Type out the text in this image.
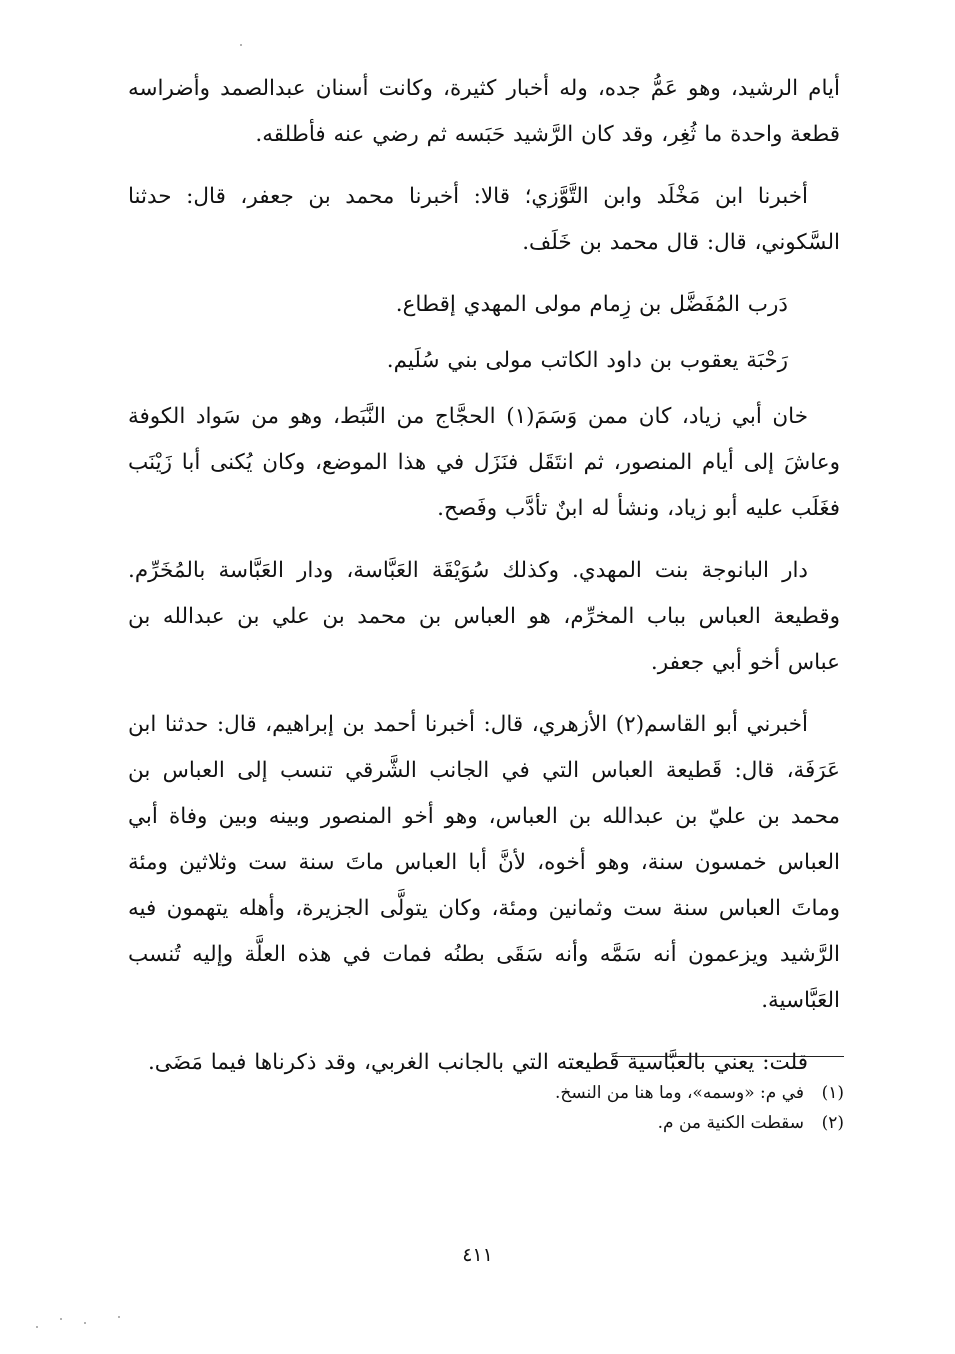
أيام الرشيد، وهو عَمُّ جده، وله أخبار كثيرة، وكانت أسنان عبدالصمد وأضراسه قطعة واحدة ما ثُغِر، وقد كان الرَّشيد حَبَسه ثم رضي عنه فأطلقه.

أخبرنا ابن مَخْلَد وابن التَّوَّزي؛ قالا: أخبرنا محمد بن جعفر، قال: حدثنا السَّكوني، قال: قال محمد بن خَلَف.

دَرب المُفَضَّل بن زِمام مولى المهدي إقطاع.

رَحْبَة يعقوب بن داود الكاتب مولى بني سُلَيم.

خان أبي زياد، كان ممن وَسَمَ(١) الحجَّاج من النَّبَط، وهو من سَواد الكوفة وعاشَ إلى أيام المنصور، ثم انتَقَل فنَزَل في هذا الموضع، وكان يُكنى أبا زَيْنَب فغَلَب عليه أبو زياد، ونشأ له ابنٌ تأدَّب وفَصح.

دار البانوجة بنت المهدي. وكذلك سُوَيْقَة العَبَّاسة، ودار العَبَّاسة بالمُخَرِّم. وقطيعة العباس بباب المخرِّم، هو العباس بن محمد بن علي بن عبدالله بن عباس أخو أبي جعفر.

أخبرني أبو القاسم(٢) الأزهري، قال: أخبرنا أحمد بن إبراهيم، قال: حدثنا ابن عَرَفَة، قال: قَطيعة العباس التي في الجانب الشَّرقي تنسب إلى العباس بن محمد بن عليّ بن عبدالله بن العباس، وهو أخو المنصور وبينه وبين وفاة أبي العباس خمسون سنة، وهو أخوه، لأنَّ أبا العباس ماتَ سنة ست وثلاثين ومئة وماتَ العباس سنة ست وثمانين ومئة، وكان يتولَّى الجزيرة، وأهله يتهمون فيه الرَّشيد ويزعمون أنه سَمَّه وأنه سَقَى بطنُه فمات في هذه العلَّة وإليه تُنسب العَبَّاسية.

قلت: يعني بالعبَّاسية قَطيعته التي بالجانب الغربي، وقد ذكرناها فيما مَضَى.

(١)
في م: «وسمه»، وما هنا من النسخ.
(٢)
سقطت الكنية من م.
٤١١
